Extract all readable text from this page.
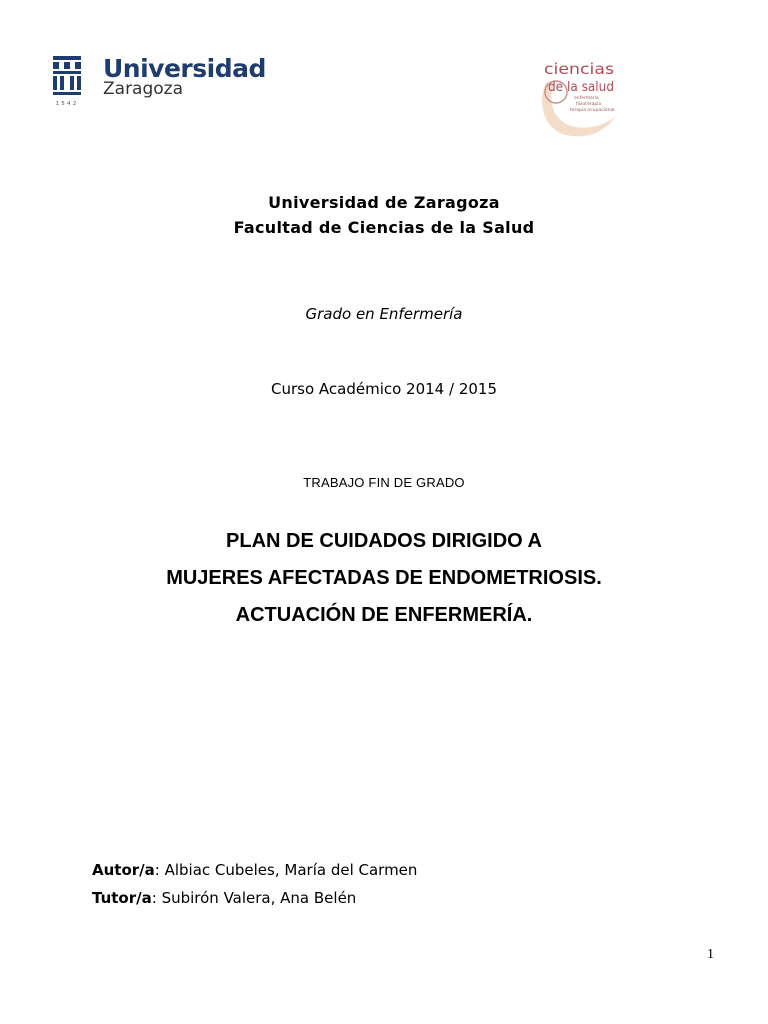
1542
Universidad
Zaragoza
ciencias
de la salud
enfermería
fisioterapia
terapia ocupacional
Universidad de Zaragoza
Facultad de Ciencias de la Salud
Grado en Enfermería
Curso Académico 2014 / 2015
TRABAJO FIN DE GRADO
PLAN DE CUIDADOS DIRIGIDO A
MUJERES AFECTADAS DE ENDOMETRIOSIS.
ACTUACIÓN DE ENFERMERÍA.
Autor/a: Albiac Cubeles, María del Carmen
Tutor/a: Subirón Valera, Ana Belén
1
